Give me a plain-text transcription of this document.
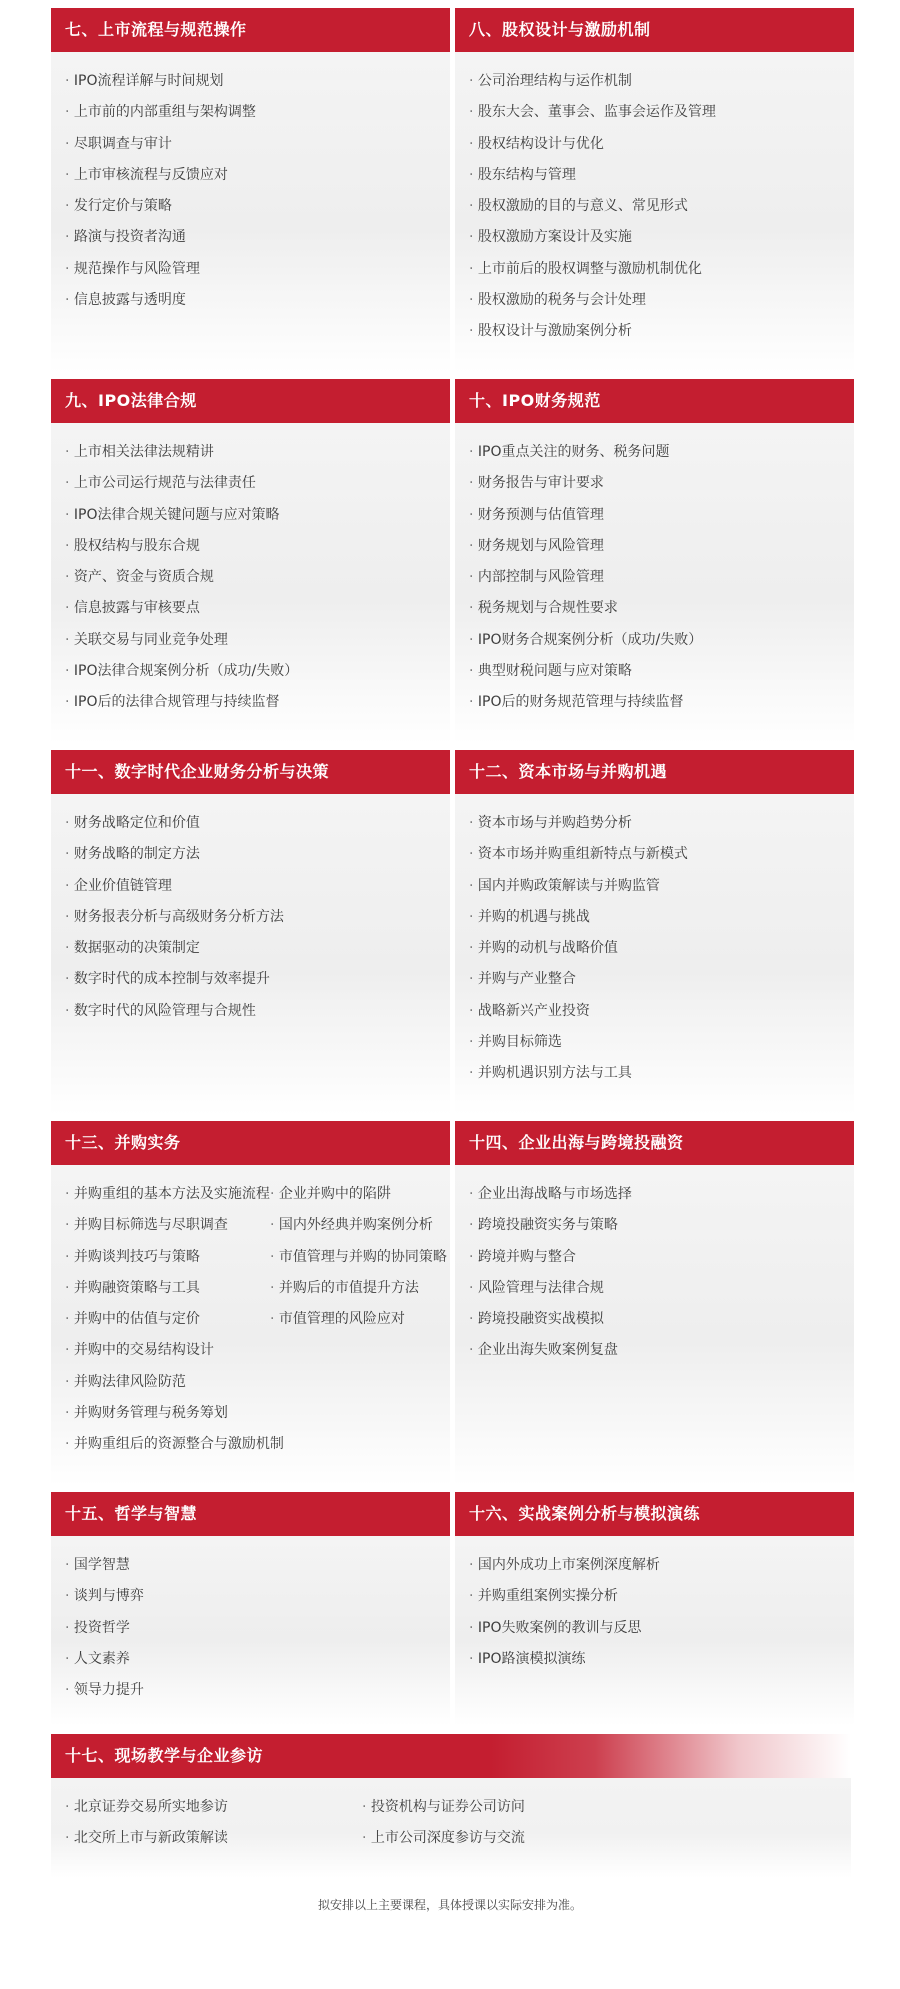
七、上市流程与规范操作
· IPO流程详解与时间规划
· 上市前的内部重组与架构调整
· 尽职调查与审计
· 上市审核流程与反馈应对
· 发行定价与策略
· 路演与投资者沟通
· 规范操作与风险管理
· 信息披露与透明度
八、股权设计与激励机制
· 公司治理结构与运作机制
· 股东大会、董事会、监事会运作及管理
· 股权结构设计与优化
· 股东结构与管理
· 股权激励的目的与意义、常见形式
· 股权激励方案设计及实施
· 上市前后的股权调整与激励机制优化
· 股权激励的税务与会计处理
· 股权设计与激励案例分析
九、IPO法律合规
· 上市相关法律法规精讲
· 上市公司运行规范与法律责任
· IPO法律合规关键问题与应对策略
· 股权结构与股东合规
· 资产、资金与资质合规
· 信息披露与审核要点
· 关联交易与同业竞争处理
· IPO法律合规案例分析（成功/失败）
· IPO后的法律合规管理与持续监督
十、IPO财务规范
· IPO重点关注的财务、税务问题
· 财务报告与审计要求
· 财务预测与估值管理
· 财务规划与风险管理
· 内部控制与风险管理
· 税务规划与合规性要求
· IPO财务合规案例分析（成功/失败）
· 典型财税问题与应对策略
· IPO后的财务规范管理与持续监督
十一、数字时代企业财务分析与决策
· 财务战略定位和价值
· 财务战略的制定方法
· 企业价值链管理
· 财务报表分析与高级财务分析方法
· 数据驱动的决策制定
· 数字时代的成本控制与效率提升
· 数字时代的风险管理与合规性
十二、资本市场与并购机遇
· 资本市场与并购趋势分析
· 资本市场并购重组新特点与新模式
· 国内并购政策解读与并购监管
· 并购的机遇与挑战
· 并购的动机与战略价值
· 并购与产业整合
· 战略新兴产业投资
· 并购目标筛选
· 并购机遇识别方法与工具
十三、并购实务
· 并购重组的基本方法及实施流程
· 并购目标筛选与尽职调查
· 并购谈判技巧与策略
· 并购融资策略与工具
· 并购中的估值与定价
· 并购中的交易结构设计
· 并购法律风险防范
· 并购财务管理与税务筹划
· 并购重组后的资源整合与激励机制
· 企业并购中的陷阱
· 国内外经典并购案例分析
· 市值管理与并购的协同策略
· 并购后的市值提升方法
· 市值管理的风险应对
十四、企业出海与跨境投融资
· 企业出海战略与市场选择
· 跨境投融资实务与策略
· 跨境并购与整合
· 风险管理与法律合规
· 跨境投融资实战模拟
· 企业出海失败案例复盘
十五、哲学与智慧
· 国学智慧
· 谈判与博弈
· 投资哲学
· 人文素养
· 领导力提升
十六、实战案例分析与模拟演练
· 国内外成功上市案例深度解析
· 并购重组案例实操分析
· IPO失败案例的教训与反思
· IPO路演模拟演练
十七、现场教学与企业参访
· 北京证券交易所实地参访
· 北交所上市与新政策解读
· 投资机构与证券公司访问
· 上市公司深度参访与交流
拟安排以上主要课程，具体授课以实际安排为准。
